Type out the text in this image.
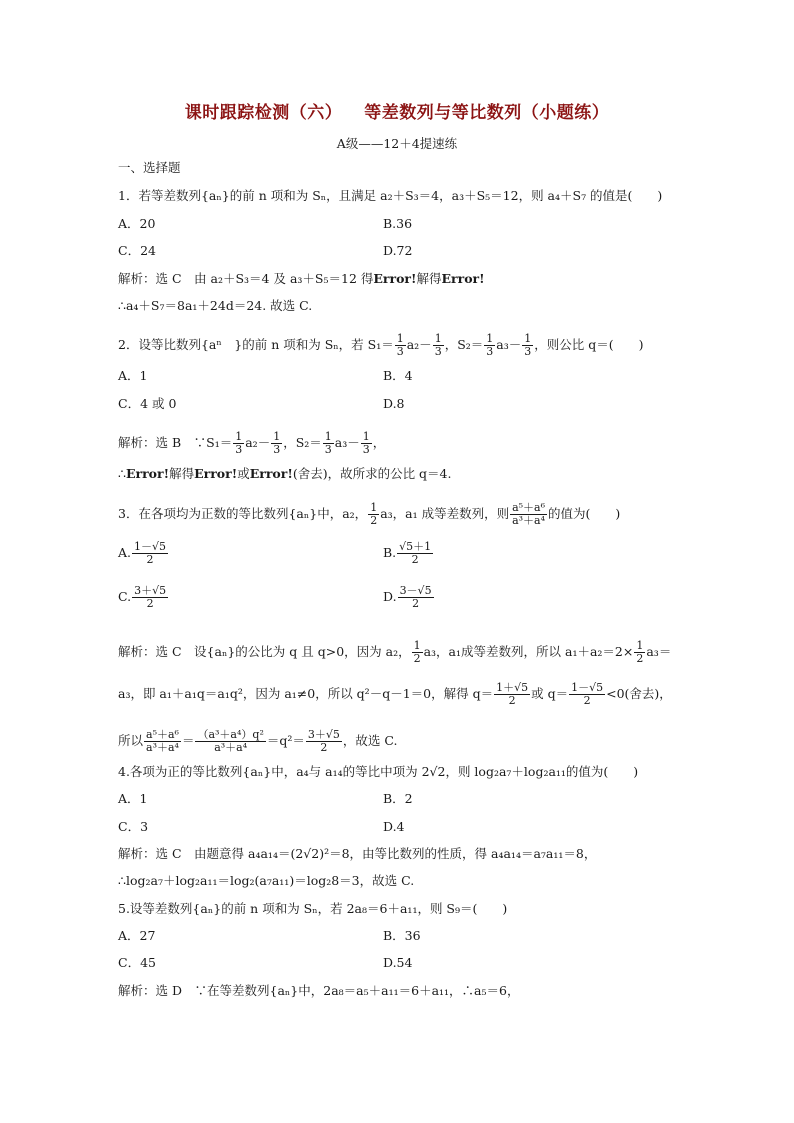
课时跟踪检测（六） 等差数列与等比数列（小题练）
A级——12＋4提速练
一、选择题
1．若等差数列{aₙ}的前 n 项和为 Sₙ，且满足 a₂＋S₃＝4，a₃＋S₅＝12，则 a₄＋S₇ 的值是(　　)
A．20	B.36
C．24	D.72
解析：选 C　由 a₂＋S₃＝4 及 a₃＋S₅＝12 得Error!解得Error!
∴a₄＋S₇＝8a₁＋24d＝24. 故选 C.
2．设等比数列{aⁿ　}的前 n 项和为 Sₙ，若 $S_1= \frac{1}{3} a_2- \frac{1}{3}$ ，$S_2= \frac{1}{3} a_3- \frac{1}{3}$ ，则公比 q＝(　　)
A．1	B．4
C．4 或 0	D.8
解析：选 B　∵S₁＝ $\frac{1}{3} a_2- \frac{1}{3}$ ，$S_2= \frac{1}{3} a_3- \frac{1}{3}$ ，
∴Error!解得Error!或Error!(舍去)，故所求的公比 q＝4.
3．在各项均为正数的等比数列{aₙ}中，a₂， $\frac{1}{2} a_3$，a₁ 成等差数列，则 $\frac{\text{a⁵＋a⁶}}{\text{a³＋a⁴}}$ 的值为(　　)
A. $\frac{1-√5}{2}$	B. $\frac{√5+1}{2}$
C. $\frac{3+√5}{2}$	D. $\frac{3-√5}{2}$
解析：选 C　设{aₙ}的公比为 q 且 q>0，因为 a₂， $\frac{1}{2} a_3$，a₁成等差数列，所以 $a_1+a_2=2\times \frac{1}{2} a_3=$
a₃，即 a₁＋a₁q＝a₁q²，因为 a₁≠0，所以 q²－q－1＝0，解得 $q= \frac{1+√5}{2}$ 或 $q= \frac{1-√5}{2} <0$(舍去)，
所以 $\frac{\text{a⁵＋a⁶}}{\text{a³＋a⁴}} = \frac{\text{（a³＋a⁴）q²}}{\text{a³＋a⁴}} =q^2= \frac{3+√5}{2}$ ，故选 C.
4.各项为正的等比数列{aₙ}中，a₄与 a₁₄的等比中项为 2√2，则 log₂a₇＋log₂a₁₁的值为(　　)
A．1	B．2
C．3	D.4
解析：选 C　由题意得 a₄a₁₄＝(2√2)²＝8，由等比数列的性质，得 a₄a₁₄＝a₇a₁₁＝8，
∴log₂a₇＋log₂a₁₁＝log₂(a₇a₁₁)＝log₂8＝3，故选 C.
5.设等差数列{aₙ}的前 n 项和为 Sₙ，若 2a₈＝6＋a₁₁，则 S₉＝(　　)
A．27	B．36
C．45	D.54
解析：选 D　∵在等差数列{aₙ}中，2a₈＝a₅＋a₁₁＝6＋a₁₁，∴a₅＝6，
